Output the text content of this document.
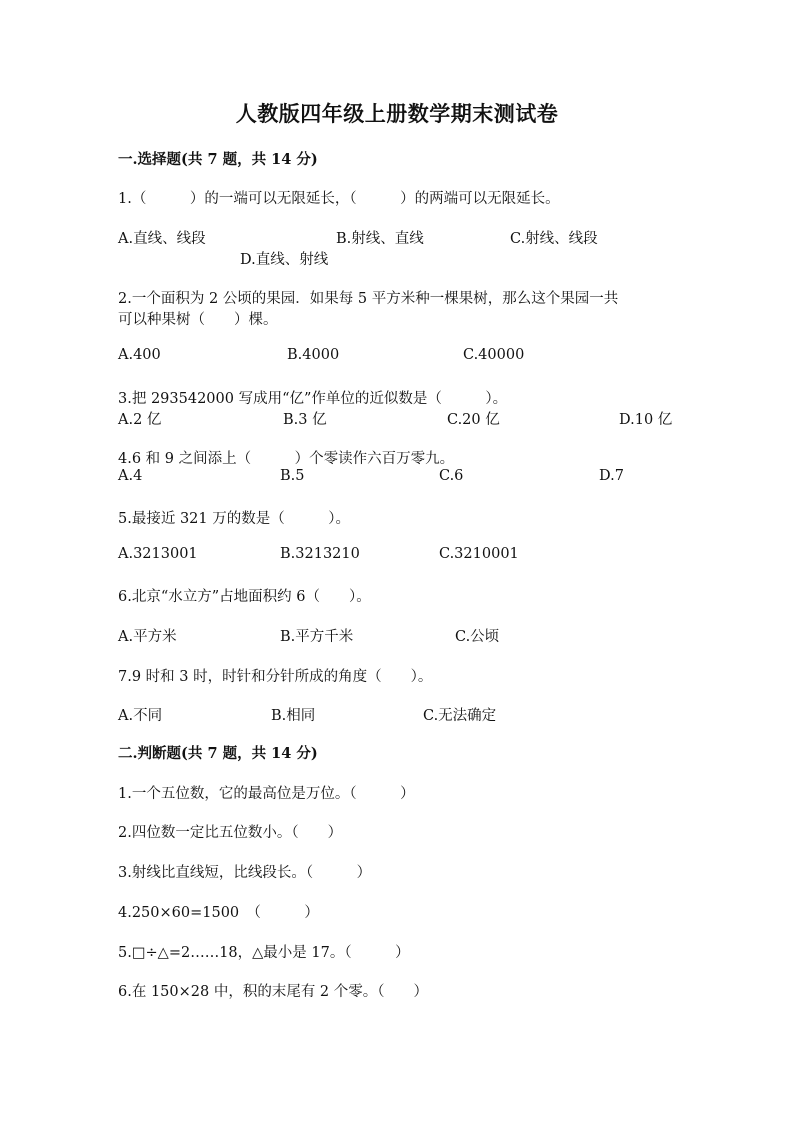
人教版四年级上册数学期末测试卷
一.选择题(共 7 题，共 14 分)
1.（　　　）的一端可以无限延长，（　　　）的两端可以无限延长。
A.直线、线段	B.射线、直线	C.射线、线段
D.直线、射线
2.一个面积为 2 公顷的果园．如果每 5 平方米种一棵果树，那么这个果园一共
可以种果树（　　）棵。
A.400	B.4000	C.40000
3.把 293542000 写成用“亿”作单位的近似数是（　　　）。
A.2 亿	B.3 亿	C.20 亿	D.10 亿
4.6 和 9 之间添上（　　　）个零读作六百万零九。
A.4	B.5	C.6	D.7
5.最接近 321 万的数是（　　　）。
A.3213001	B.3213210	C.3210001
6.北京“水立方”占地面积约 6（　　）。
A.平方米	B.平方千米	C.公顷
7.9 时和 3 时，时针和分针所成的角度（　　）。
A.不同	B.相同	C.无法确定
二.判断题(共 7 题，共 14 分)
1.一个五位数，它的最高位是万位。（　　　）
2.四位数一定比五位数小。（　　）
3.射线比直线短，比线段长。（　　　）
4.250×60=1500　（　　　）
5.□÷△=2……18，△最小是 17。（　　　）
6.在 150×28 中，积的末尾有 2 个零。（　　）
